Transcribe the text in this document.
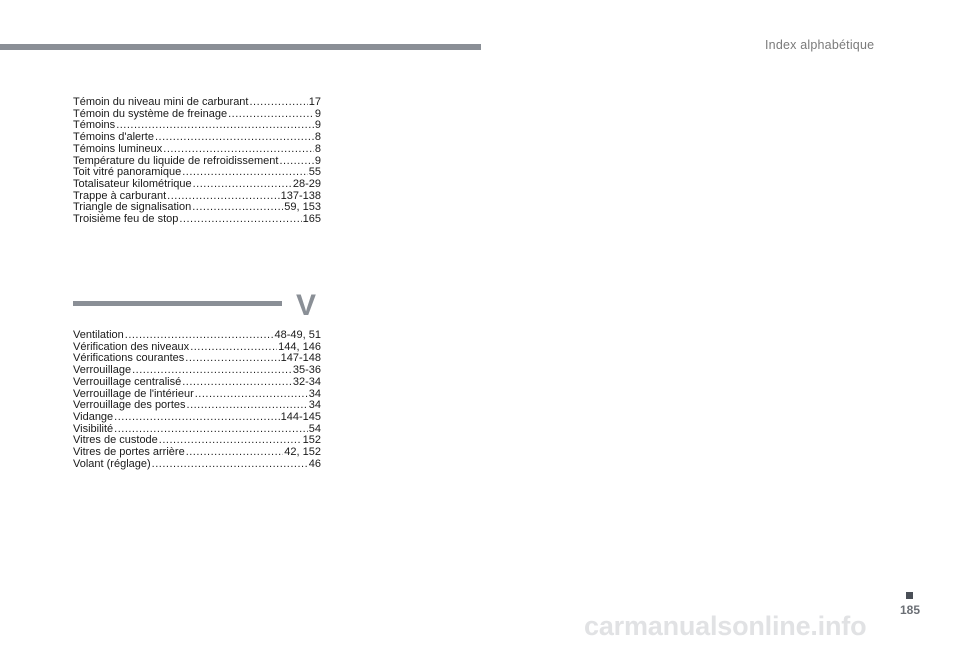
Index alphabétique
Témoin du niveau mini de carburant .....	17
Témoin du système de freinage .....	9
Témoins .....	9
Témoins d'alerte .....	8
Témoins lumineux .....	8
Température du liquide de refroidissement .....	9
Toit vitré panoramique .....	55
Totalisateur kilométrique .....	28-29
Trappe à carburant .....	137-138
Triangle de signalisation .....	59, 153
Troisième feu de stop .....	165
V
Ventilation .....	48-49, 51
Vérification des niveaux .....	144, 146
Vérifications courantes .....	147-148
Verrouillage .....	35-36
Verrouillage centralisé .....	32-34
Verrouillage de l'intérieur .....	34
Verrouillage des portes .....	34
Vidange .....	144-145
Visibilité .....	54
Vitres de custode .....	152
Vitres de portes arrière .....	42, 152
Volant (réglage) .....	46
185
carmanualsonline.info
